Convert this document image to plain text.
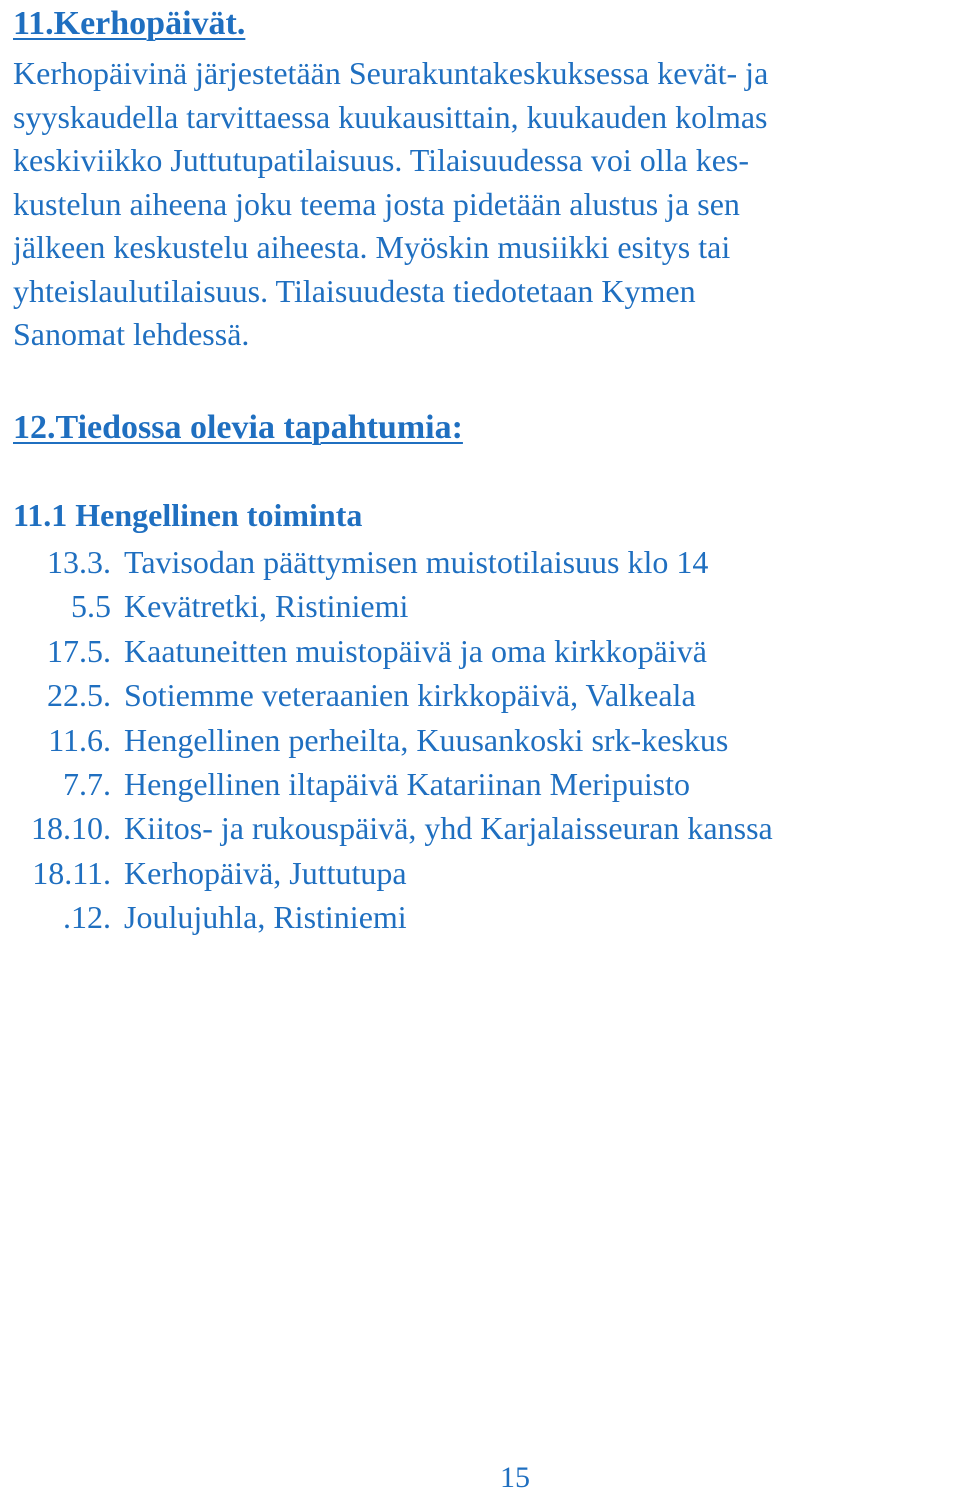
11.Kerhopäivät.
Kerhopäivinä järjestetään Seurakuntakeskuksessa kevät- ja
syyskaudella tarvittaessa kuukausittain, kuukauden kolmas
keskiviikko Juttutupatilaisuus. Tilaisuudessa voi olla kes-
kustelun aiheena joku teema josta pidetään alustus ja sen
jälkeen keskustelu aiheesta. Myöskin musiikki esitys tai
yhteislaulutilaisuus. Tilaisuudesta tiedotetaan Kymen
Sanomat lehdessä.
12.Tiedossa olevia tapahtumia:
11.1 Hengellinen toiminta
13.3. Tavisodan päättymisen muistotilaisuus klo 14
5.5 Kevätretki, Ristiniemi
17.5. Kaatuneitten muistopäivä ja oma kirkkopäivä
22.5. Sotiemme veteraanien kirkkopäivä, Valkeala
11.6. Hengellinen perheilta, Kuusankoski srk-keskus
7.7. Hengellinen iltapäivä Katariinan Meripuisto
18.10. Kiitos- ja rukouspäivä, yhd Karjalaisseuran kanssa
18.11. Kerhopäivä, Juttutupa
.12. Joulujuhla, Ristiniemi
15
